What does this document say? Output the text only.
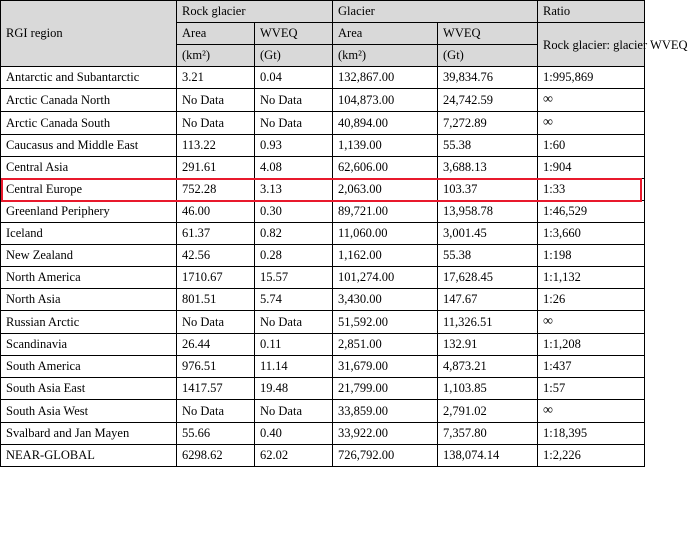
RGI region	Rock glacier		Glacier		Ratio
	Area	WVEQ	Area	WVEQ	Rock glacier: glacier WVEQ
	(km²)	(Gt)	(km²)	(Gt)	
Antarctic and Subantarctic	3.21	0.04	132,867.00	39,834.76	1:995,869
Arctic Canada North	No Data	No Data	104,873.00	24,742.59	∞
Arctic Canada South	No Data	No Data	40,894.00	7,272.89	∞
Caucasus and Middle East	113.22	0.93	1,139.00	55.38	1:60
Central Asia	291.61	4.08	62,606.00	3,688.13	1:904
Central Europe	752.28	3.13	2,063.00	103.37	1:33
Greenland Periphery	46.00	0.30	89,721.00	13,958.78	1:46,529
Iceland	61.37	0.82	11,060.00	3,001.45	1:3,660
New Zealand	42.56	0.28	1,162.00	55.38	1:198
North America	1710.67	15.57	101,274.00	17,628.45	1:1,132
North Asia	801.51	5.74	3,430.00	147.67	1:26
Russian Arctic	No Data	No Data	51,592.00	11,326.51	∞
Scandinavia	26.44	0.11	2,851.00	132.91	1:1,208
South America	976.51	11.14	31,679.00	4,873.21	1:437
South Asia East	1417.57	19.48	21,799.00	1,103.85	1:57
South Asia West	No Data	No Data	33,859.00	2,791.02	∞
Svalbard and Jan Mayen	55.66	0.40	33,922.00	7,357.80	1:18,395
NEAR-GLOBAL	6298.62	62.02	726,792.00	138,074.14	1:2,226
